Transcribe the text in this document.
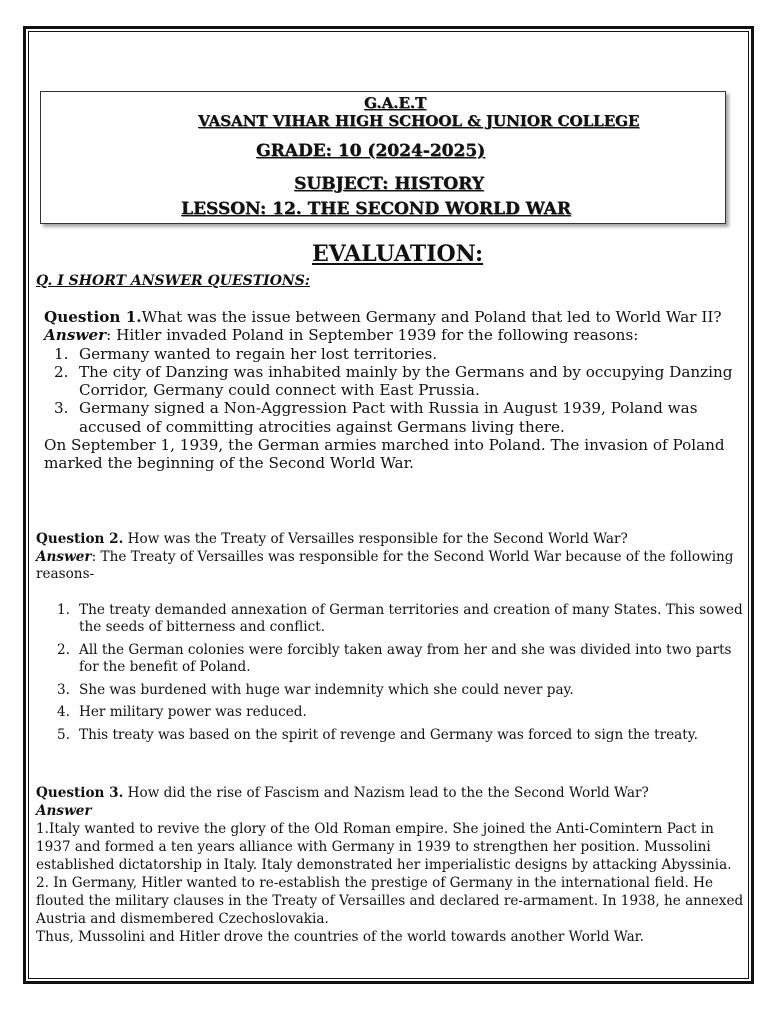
G.A.E.T
VASANT VIHAR HIGH SCHOOL & JUNIOR COLLEGE
GRADE: 10 (2024-2025)
SUBJECT: HISTORY
LESSON: 12. THE SECOND WORLD WAR
EVALUATION:
Q. I SHORT ANSWER QUESTIONS:
Question 1.What was the issue between Germany and Poland that led to World War II?
Answer: Hitler invaded Poland in September 1939 for the following reasons:
1. Germany wanted to regain her lost territories.
2. The city of Danzing was inhabited mainly by the Germans and by occupying Danzing Corridor, Germany could connect with East Prussia.
3. Germany signed a Non-Aggression Pact with Russia in August 1939, Poland was accused of committing atrocities against Germans living there.
On September 1, 1939, the German armies marched into Poland. The invasion of Poland marked the beginning of the Second World War.
Question 2. How was the Treaty of Versailles responsible for the Second World War?
Answer: The Treaty of Versailles was responsible for the Second World War because of the following reasons-
1. The treaty demanded annexation of German territories and creation of many States. This sowed the seeds of bitterness and conflict.
2. All the German colonies were forcibly taken away from her and she was divided into two parts for the benefit of Poland.
3. She was burdened with huge war indemnity which she could never pay.
4. Her military power was reduced.
5. This treaty was based on the spirit of revenge and Germany was forced to sign the treaty.
Question 3. How did the rise of Fascism and Nazism lead to the the Second World War?
Answer
1.Italy wanted to revive the glory of the Old Roman empire. She joined the Anti-Comintern Pact in 1937 and formed a ten years alliance with Germany in 1939 to strengthen her position. Mussolini established dictatorship in Italy. Italy demonstrated her imperialistic designs by attacking Abyssinia.
2. In Germany, Hitler wanted to re-establish the prestige of Germany in the international field. He flouted the military clauses in the Treaty of Versailles and declared re-armament. In 1938, he annexed Austria and dismembered Czechoslovakia.
Thus, Mussolini and Hitler drove the countries of the world towards another World War.
